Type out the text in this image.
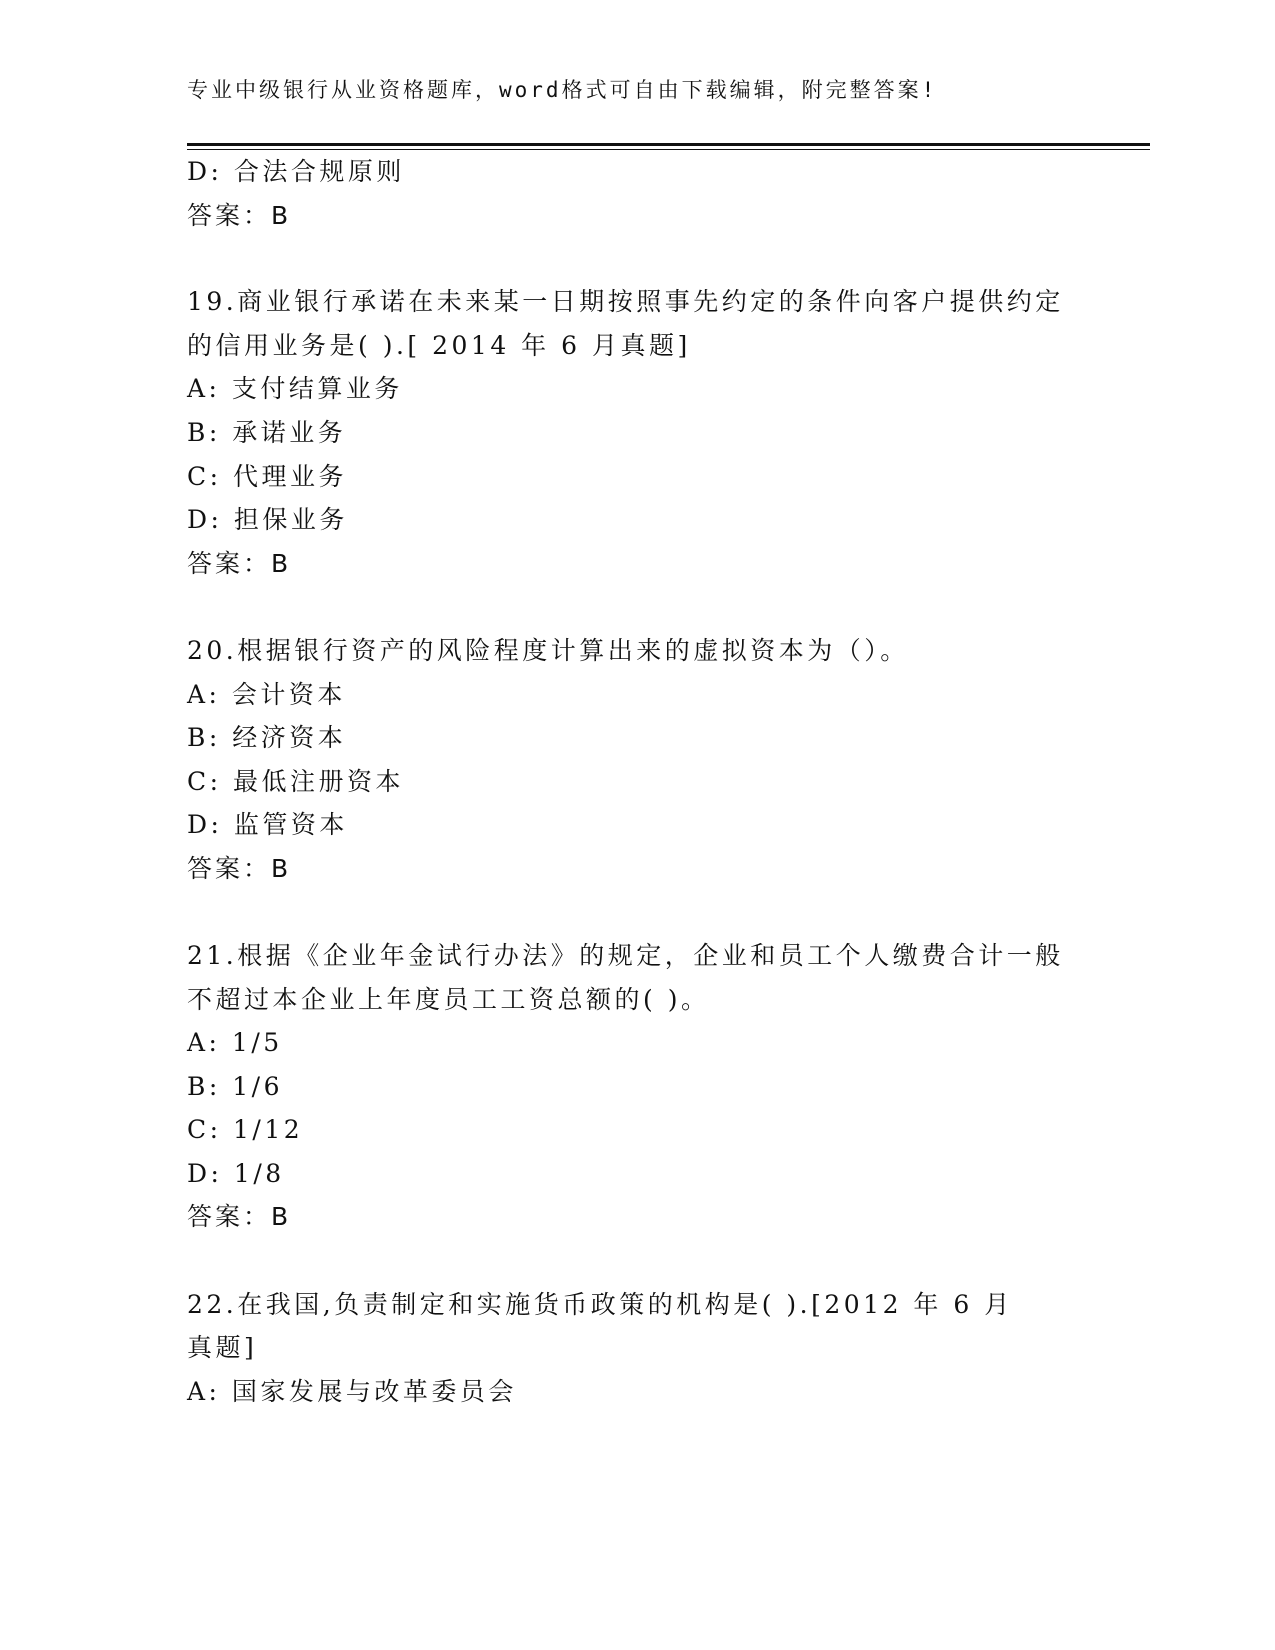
专业中级银行从业资格题库，word格式可自由下载编辑，附完整答案!
D: 合法合规原则
答案：B
19.商业银行承诺在未来某一日期按照事先约定的条件向客户提供约定
的信用业务是( ).[ 2014 年 6 月真题]
A: 支付结算业务
B: 承诺业务
C: 代理业务
D: 担保业务
答案：B
20.根据银行资产的风险程度计算出来的虚拟资本为（）。
A: 会计资本
B: 经济资本
C: 最低注册资本
D: 监管资本
答案：B
21.根据《企业年金试行办法》的规定，企业和员工个人缴费合计一般
不超过本企业上年度员工工资总额的( )。
A: 1/5
B: 1/6
C: 1/12
D: 1/8
答案：B
22.在我国,负责制定和实施货币政策的机构是( ).[2012 年 6 月
真题]
A: 国家发展与改革委员会
